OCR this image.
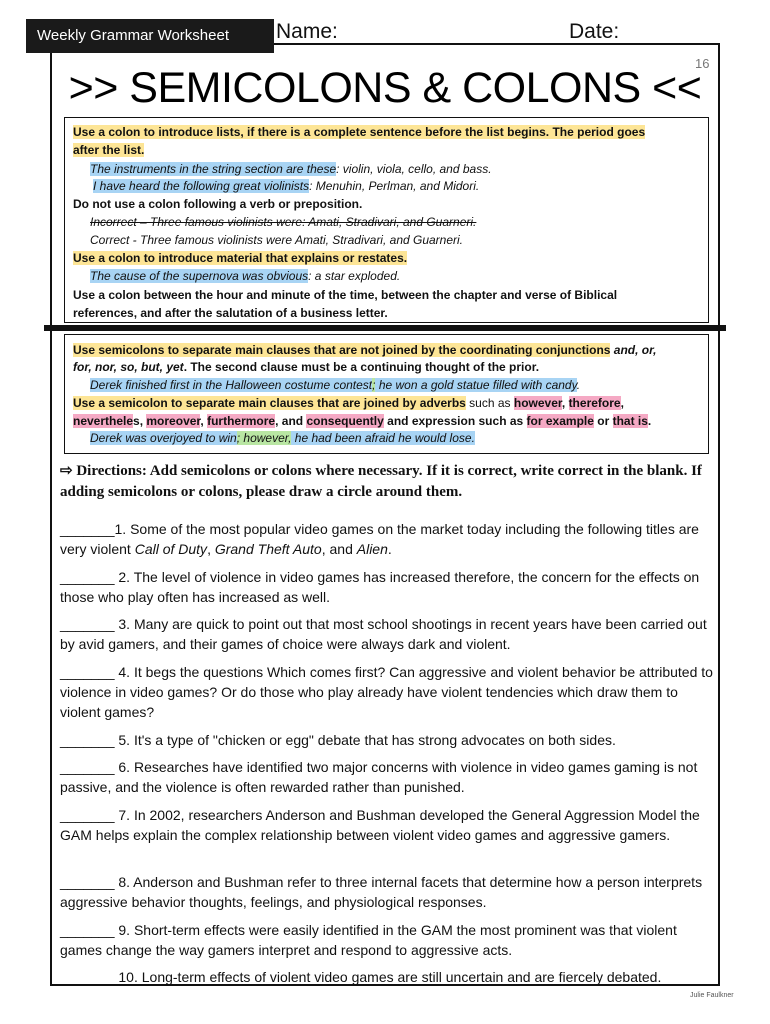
Weekly Grammar Worksheet	Name:	Date:
16
>> SEMICOLONS & COLONS <<
Use a colon to introduce lists, if there is a complete sentence before the list begins. The period goes
after the list.
The instruments in the string section are these: violin, viola, cello, and bass.
I have heard the following great violinists: Menuhin, Perlman, and Midori.
Do not use a colon following a verb or preposition.
Incorrect – Three famous violinists were: Amati, Stradivari, and Guarneri.
Correct - Three famous violinists were Amati, Stradivari, and Guarneri.
Use a colon to introduce material that explains or restates.
The cause of the supernova was obvious: a star exploded.
Use a colon between the hour and minute of the time, between the chapter and verse of Biblical
references, and after the salutation of a business letter.
Use semicolons to separate main clauses that are not joined by the coordinating conjunctions and, or,
for, nor, so, but, yet. The second clause must be a continuing thought of the prior.
Derek finished first in the Halloween costume contest; he won a gold statue filled with candy.
Use a semicolon to separate main clauses that are joined by adverbs such as however, therefore,
nevertheles, moreover, furthermore, and consequently and expression such as for example or that is.
Derek was overjoyed to win; however, he had been afraid he would lose.
⇨ Directions: Add semicolons or colons where necessary. If it is correct, write correct in the blank. If adding semicolons or colons, please draw a circle around them.
_______1. Some of the most popular video games on the market today including the following titles are very violent Call of Duty, Grand Theft Auto, and Alien.
_______ 2. The level of violence in video games has increased therefore, the concern for the effects on those who play often has increased as well.
_______ 3. Many are quick to point out that most school shootings in recent years have been carried out by avid gamers, and their games of choice were always dark and violent.
_______ 4. It begs the questions Which comes first? Can aggressive and violent behavior be attributed to violence in video games? Or do those who play already have violent tendencies which draw them to violent games?
_______ 5. It's a type of "chicken or egg" debate that has strong advocates on both sides.
_______ 6. Researches have identified two major concerns with violence in video games gaming is not passive, and the violence is often rewarded rather than punished.
_______ 7. In 2002, researchers Anderson and Bushman developed the General Aggression Model the GAM helps explain the complex relationship between violent video games and aggressive gamers.
_______ 8. Anderson and Bushman refer to three internal facets that determine how a person interprets aggressive behavior thoughts, feelings, and physiological responses.
_______ 9. Short-term effects were easily identified in the GAM the most prominent was that violent games change the way gamers interpret and respond to aggressive acts.
_______ 10. Long-term effects of violent video games are still uncertain and are fiercely debated.
Julie Faulkner
